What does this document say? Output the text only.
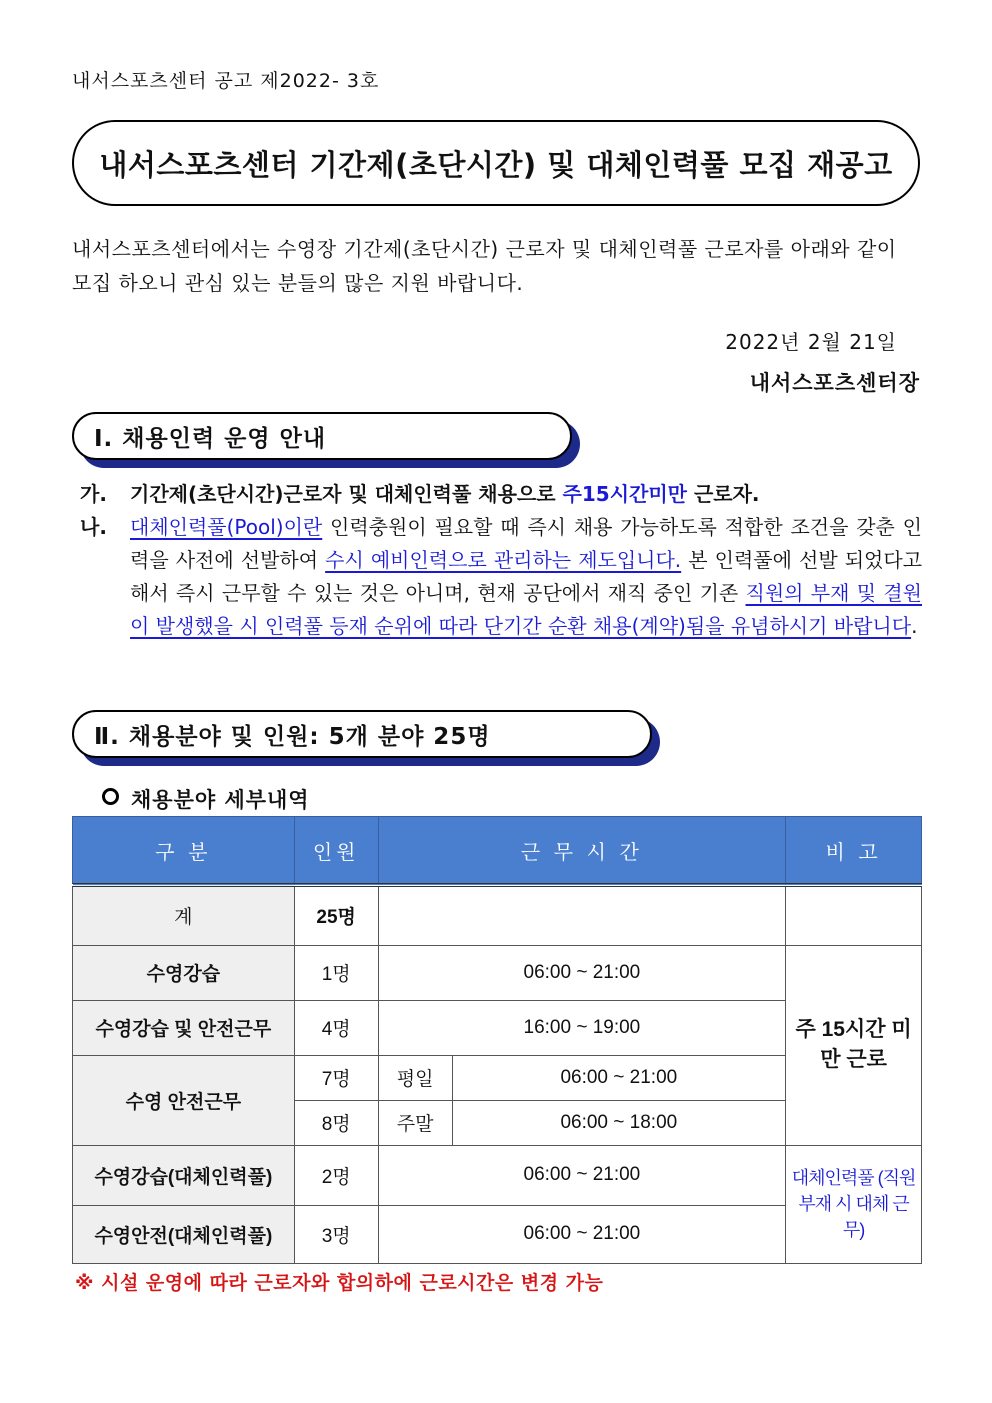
내서스포츠센터 공고 제2022- 3호
내서스포츠센터 기간제(초단시간) 및 대체인력풀 모집 재공고
내서스포츠센터에서는 수영장 기간제(초단시간) 근로자 및 대체인력풀 근로자를 아래와 같이 모집 하오니 관심 있는 분들의 많은 지원 바랍니다.
2022년 2월 21일
내서스포츠센터장
Ⅰ. 채용인력 운영 안내
가.	기간제(초단시간)근로자 및 대체인력풀 채용으로 주15시간미만 근로자.
나.	대체인력풀(Pool)이란 인력충원이 필요할 때 즉시 채용 가능하도록 적합한 조건을 갖춘 인력을 사전에 선발하여 수시 예비인력으로 관리하는 제도입니다. 본 인력풀에 선발 되었다고 해서 즉시 근무할 수 있는 것은 아니며, 현재 공단에서 재직 중인 기존 직원의 부재 및 결원이 발생했을 시 인력풀 등재 순위에 따라 단기간 순환 채용(계약)됨을 유념하시기 바랍니다.
Ⅱ. 채용분야 및 인원: 5개 분야 25명
채용분야 세부내역
구 분	인원	근 무 시 간		비 고
계	25명			
수영강습	1명	06:00 ~ 21:00		주 15시간 미만 근로
수영강습 및 안전근무	4명	16:00 ~ 19:00		
수영 안전근무	7명	평일	06:00 ~ 21:00	
	8명	주말	06:00 ~ 18:00	
수영강습(대체인력풀)	2명	06:00 ~ 21:00		대체인력풀 (직원부재 시 대체 근무)
수영안전(대체인력풀)	3명	06:00 ~ 21:00		
※ 시설 운영에 따라 근로자와 합의하에 근로시간은 변경 가능
